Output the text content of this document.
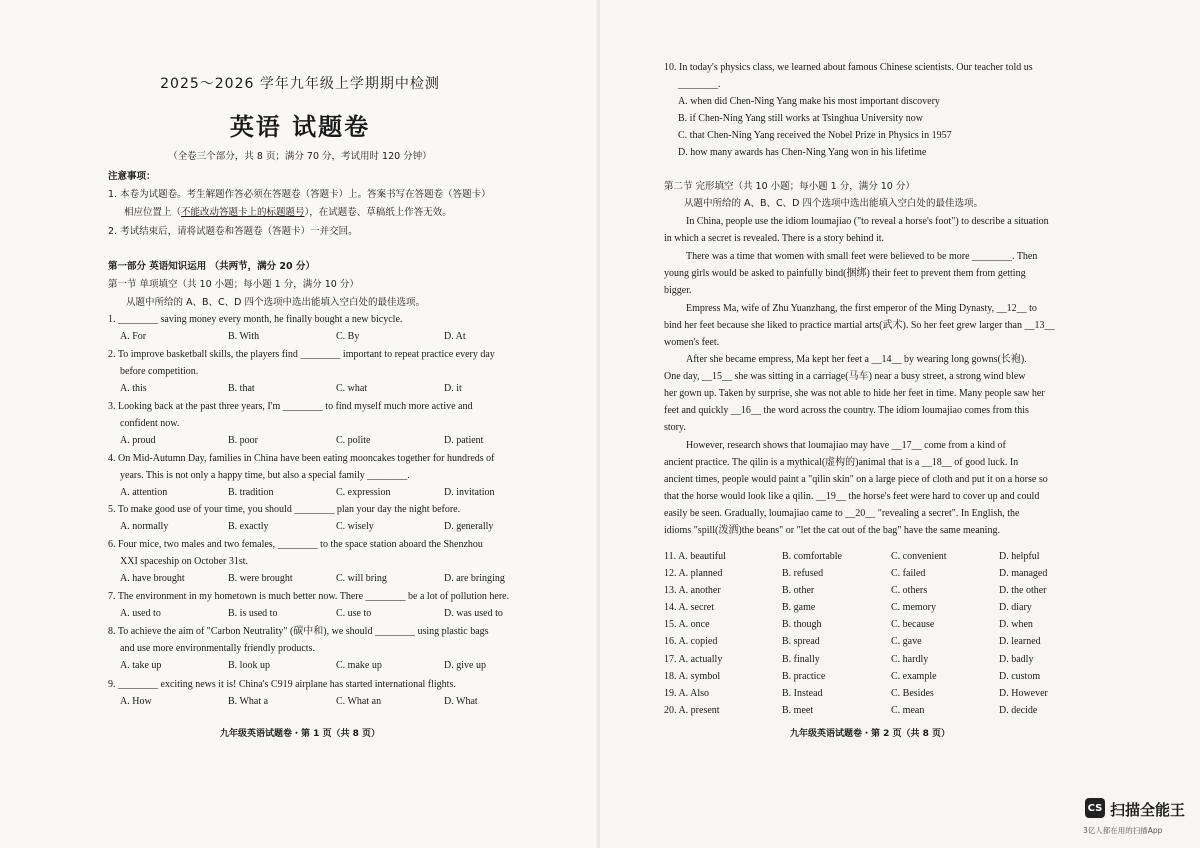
2025～2026 学年九年级上学期期中检测
英语 试题卷
（全卷三个部分，共 8 页；满分 70 分，考试用时 120 分钟）
注意事项：
1. 本卷为试题卷。考生解题作答必须在答题卷（答题卡）上。答案书写在答题卷（答题卡）
相应位置上（不能改动答题卡上的标题题号），在试题卷、草稿纸上作答无效。
2. 考试结束后，请将试题卷和答题卷（答题卡）一并交回。
第一部分 英语知识运用 （共两节，满分 20 分）
第一节 单项填空（共 10 小题；每小题 1 分，满分 10 分）
从题中所给的 A、B、C、D 四个选项中选出能填入空白处的最佳选项。
1. ________ saving money every month, he finally bought a new bicycle.
A. For	B. With	C. By	D. At
2. To improve basketball skills, the players find ________ important to repeat practice every day
before competition.
A. this	B. that	C. what	D. it
3. Looking back at the past three years, I'm ________ to find myself much more active and
confident now.
A. proud	B. poor	C. polite	D. patient
4. On Mid-Autumn Day, families in China have been eating mooncakes together for hundreds of
years. This is not only a happy time, but also a special family ________.
A. attention	B. tradition	C. expression	D. invitation
5. To make good use of your time, you should ________ plan your day the night before.
A. normally	B. exactly	C. wisely	D. generally
6. Four mice, two males and two females, ________ to the space station aboard the Shenzhou
XXI spaceship on October 31st.
A. have brought	B. were brought	C. will bring	D. are bringing
7. The environment in my hometown is much better now. There ________ be a lot of pollution here.
A. used to	B. is used to	C. use to	D. was used to
8. To achieve the aim of "Carbon Neutrality" (碳中和), we should ________ using plastic bags
and use more environmentally friendly products.
A. take up	B. look up	C. make up	D. give up
9. ________ exciting news it is! China's C919 airplane has started international flights.
A. How	B. What a	C. What an	D. What
九年级英语试题卷・第 1 页（共 8 页）
10. In today's physics class, we learned about famous Chinese scientists. Our teacher told us
________.
A. when did Chen-Ning Yang make his most important discovery
B. if Chen-Ning Yang still works at Tsinghua University now
C. that Chen-Ning Yang received the Nobel Prize in Physics in 1957
D. how many awards has Chen-Ning Yang won in his lifetime
第二节 完形填空（共 10 小题；每小题 1 分，满分 10 分）
从题中所给的 A、B、C、D 四个选项中选出能填入空白处的最佳选项。
In China, people use the idiom loumajiao ("to reveal a horse's foot") to describe a situation
in which a secret is revealed. There is a story behind it.
There was a time that women with small feet were believed to be more ________. Then
young girls would be asked to painfully bind(捆绑) their feet to prevent them from getting
bigger.
Empress Ma, wife of Zhu Yuanzhang, the first emperor of the Ming Dynasty, __12__ to
bind her feet because she liked to practice martial arts(武术). So her feet grew larger than __13__
women's feet.
After she became empress, Ma kept her feet a __14__ by wearing long gowns(长袍).
One day, __15__ she was sitting in a carriage(马车) near a busy street, a strong wind blew
her gown up. Taken by surprise, she was not able to hide her feet in time. Many people saw her
feet and quickly __16__ the word across the country. The idiom loumajiao comes from this
story.
However, research shows that loumajiao may have __17__ come from a kind of
ancient practice. The qilin is a mythical(虚构的)animal that is a __18__ of good luck. In
ancient times, people would paint a "qilin skin" on a large piece of cloth and put it on a horse so
that the horse would look like a qilin. __19__ the horse's feet were hard to cover up and could
easily be seen. Gradually, loumajiao came to __20__ "revealing a secret". In English, the
idioms "spill(泼洒)the beans" or "let the cat out of the bag" have the same meaning.
11. A. beautiful	B. comfortable	C. convenient	D. helpful
12. A. planned	B. refused	C. failed	D. managed
13. A. another	B. other	C. others	D. the other
14. A. secret	B. game	C. memory	D. diary
15. A. once	B. though	C. because	D. when
16. A. copied	B. spread	C. gave	D. learned
17. A. actually	B. finally	C. hardly	D. badly
18. A. symbol	B. practice	C. example	D. custom
19. A. Also	B. Instead	C. Besides	D. However
20. A. present	B. meet	C. mean	D. decide
九年级英语试题卷・第 2 页（共 8 页）
CS 扫描全能王
3亿人都在用的扫描App
